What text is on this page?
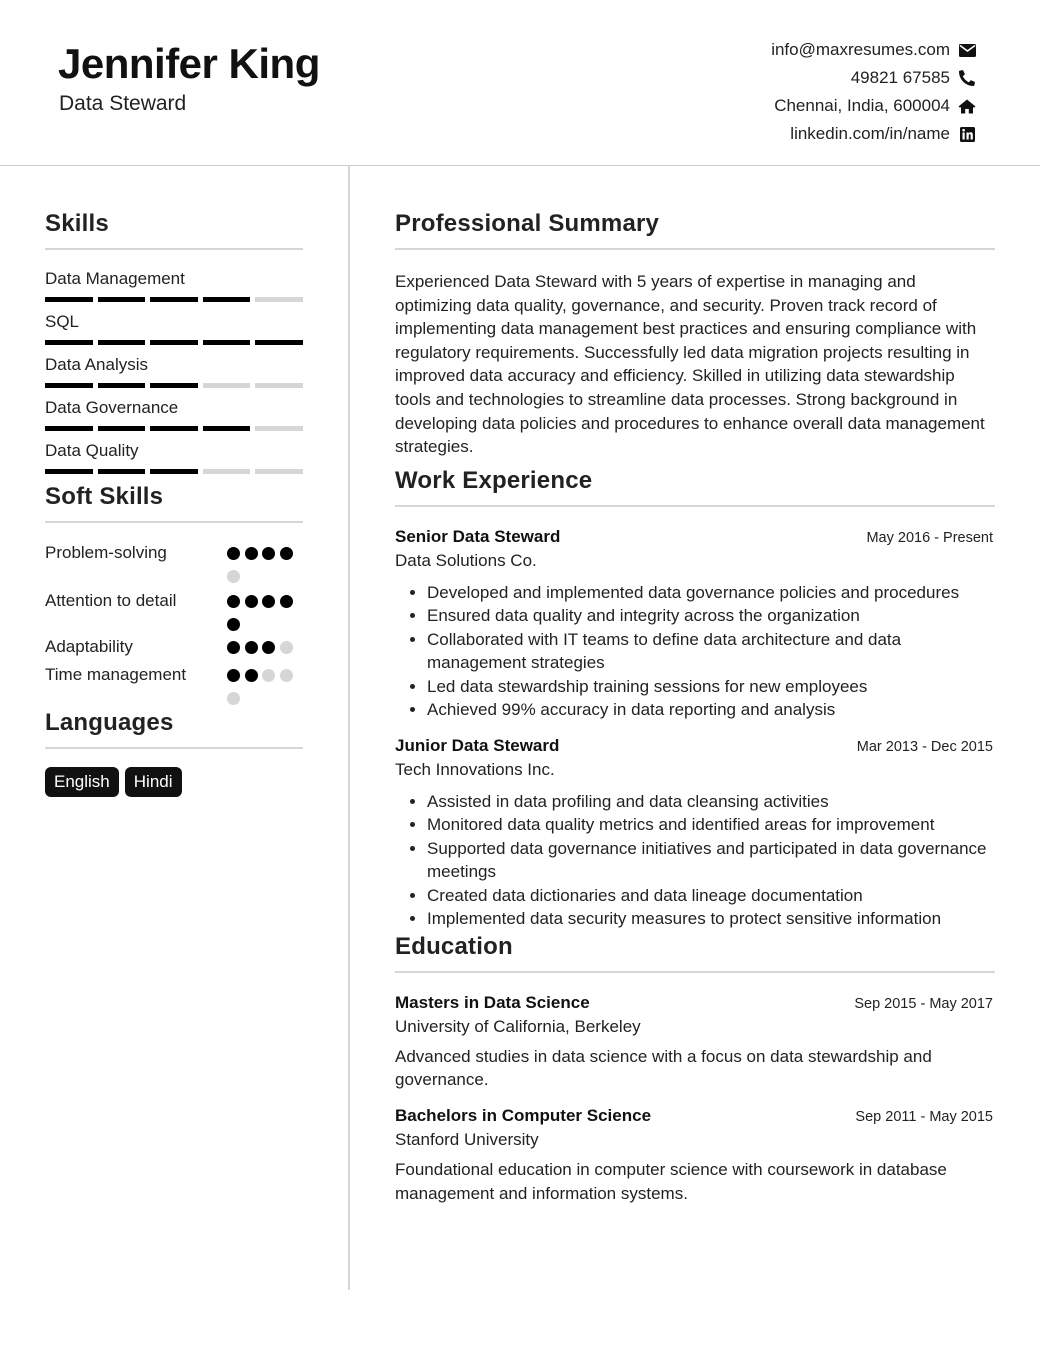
Jennifer King
Data Steward
info@maxresumes.com
49821 67585
Chennai, India, 600004
linkedin.com/in/name
Skills
Data Management
SQL
Data Analysis
Data Governance
Data Quality
Soft Skills
Problem-solving
Attention to detail
Adaptability
Time management
Languages
English	Hindi
Professional Summary
Experienced Data Steward with 5 years of expertise in managing and optimizing data quality, governance, and security. Proven track record of implementing data management best practices and ensuring compliance with regulatory requirements. Successfully led data migration projects resulting in improved data accuracy and efficiency. Skilled in utilizing data stewardship tools and technologies to streamline data processes. Strong background in developing data policies and procedures to enhance overall data management strategies.
Work Experience
Senior Data Steward	May 2016 - Present
Data Solutions Co.
• Developed and implemented data governance policies and procedures
• Ensured data quality and integrity across the organization
• Collaborated with IT teams to define data architecture and data management strategies
• Led data stewardship training sessions for new employees
• Achieved 99% accuracy in data reporting and analysis
Junior Data Steward	Mar 2013 - Dec 2015
Tech Innovations Inc.
• Assisted in data profiling and data cleansing activities
• Monitored data quality metrics and identified areas for improvement
• Supported data governance initiatives and participated in data governance meetings
• Created data dictionaries and data lineage documentation
• Implemented data security measures to protect sensitive information
Education
Masters in Data Science	Sep 2015 - May 2017
University of California, Berkeley
Advanced studies in data science with a focus on data stewardship and governance.
Bachelors in Computer Science	Sep 2011 - May 2015
Stanford University
Foundational education in computer science with coursework in database management and information systems.
